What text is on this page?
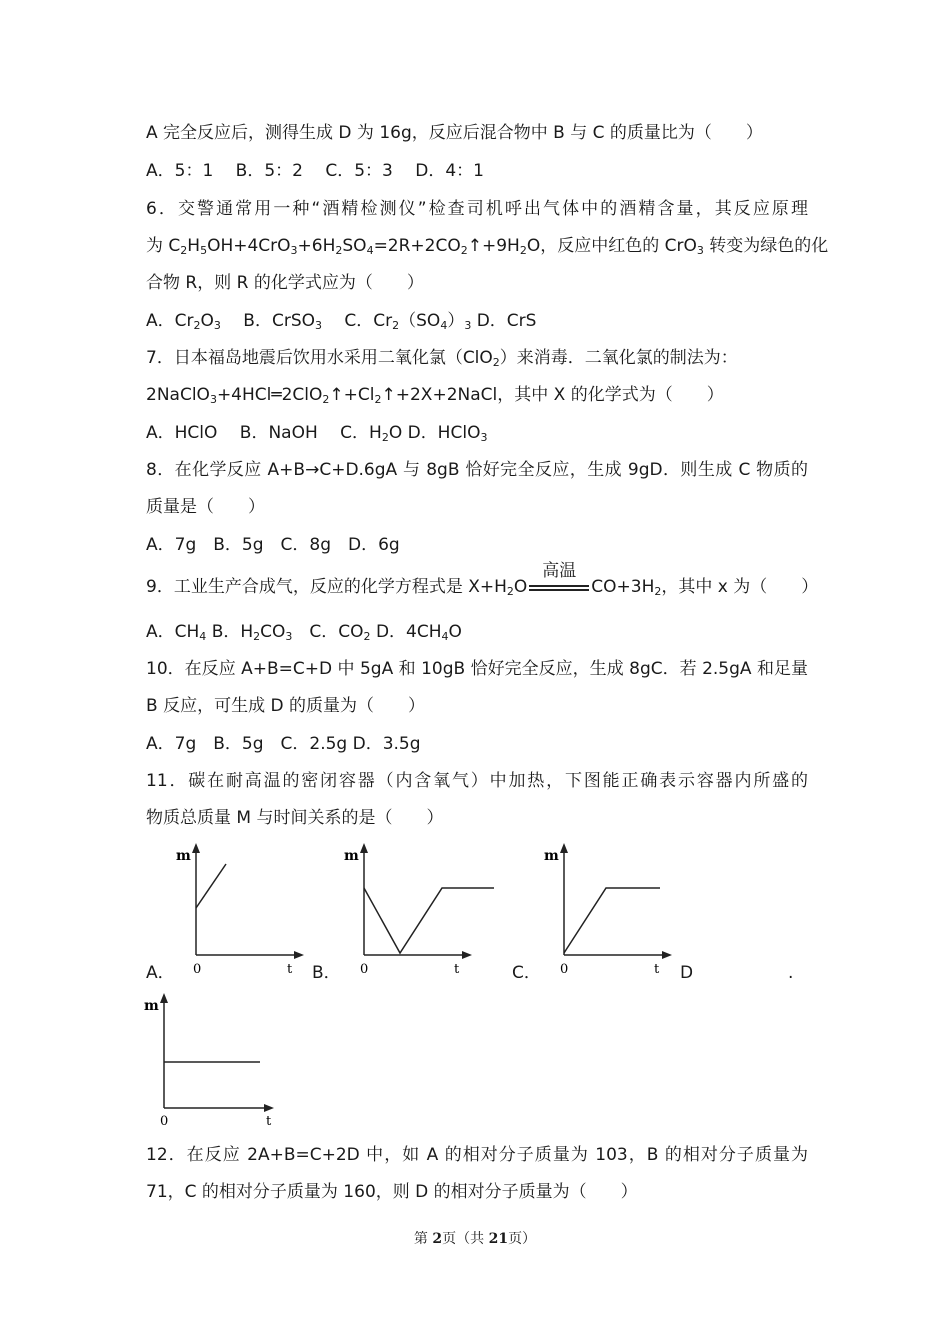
A 完全反应后，测得生成 D 为 16g，反应后混合物中 B 与 C 的质量比为（　　）
A．5：1　 B．5：2　 C．5：3　 D．4：1
6．交警通常用一种“酒精检测仪”检查司机呼出气体中的酒精含量，其反应原理
为 $C_2H_5OH+4CrO_3+6H_2SO_4=2R+2CO_2↑+9H_2O$，反应中红色的 CrO$_3$ 转变为绿色的化
合物 R，则 R 的化学式应为（　　）
A．$Cr_2O_3$　 B．CrSO$_3$　 C．$Cr_2(SO_4)_3$ D．CrS
7．日本福岛地震后饮用水采用二氧化氯（ClO$_2$）来消毒．二氧化氯的制法为：
$2NaClO_3+4HCl═2ClO_2↑+Cl_2↑+2X+2NaCl$，其中 X 的化学式为（　　）
A．HClO　 B．NaOH　 C．$H_2O$ D．HClO$_3$
8．在化学反应 A+B→C+D.6gA 与 8gB 恰好完全反应，生成 9gD．则生成 C 物质的
质量是（　　）
A．7g　B．5g　C．8g　D．6g
9．工业生产合成气，反应的化学方程式是 $X+H_2O$
高温
$CO+3H_2$，其中 x 为（　　）
A．$CH_4$ B．$H_2CO_3$　C．$CO_2$ D．$4CH_4O$
10．在反应 A+B=C+D 中 5gA 和 10gB 恰好完全反应，生成 8gC．若 2.5gA 和足量
B 反应，可生成 D 的质量为（　　）
A．7g　B．5g　C．2.5g D．3.5g
11．碳在耐高温的密闭容器（内含氧气）中加热，下图能正确表示容器内所盛的
物质总质量 M 与时间关系的是（　　）
A．	B．	C．	D	.
m
0	t
m
0	t
m
0	t
m
0	t
12．在反应 2A+B=C+2D 中，如 A 的相对分子质量为 103，B 的相对分子质量为
71，C 的相对分子质量为 160，则 D 的相对分子质量为（　　）
第 2页（共 21页）
